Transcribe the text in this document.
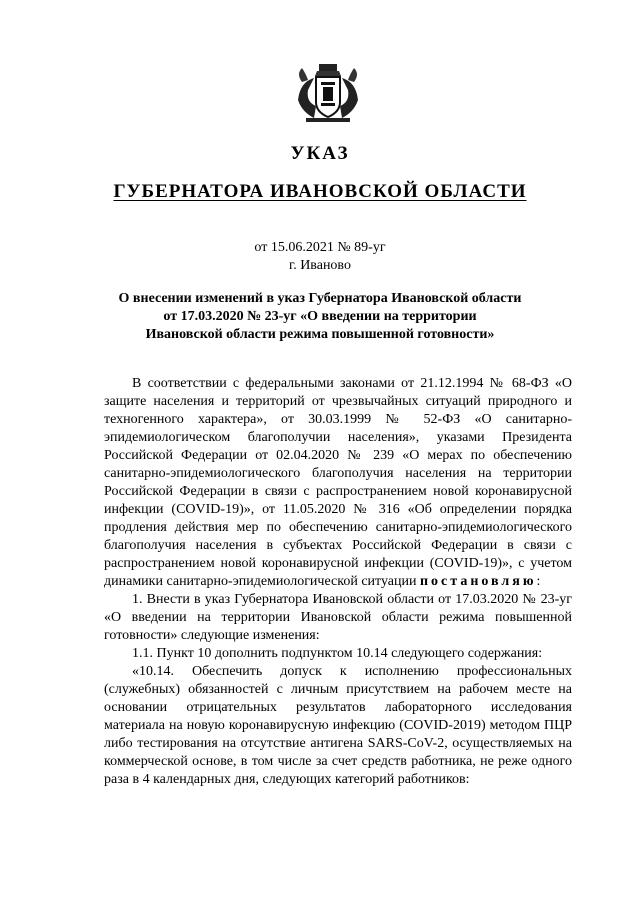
УКАЗ
ГУБЕРНАТОРА ИВАНОВСКОЙ ОБЛАСТИ
от 15.06.2021 № 89-уг
г. Иваново
О внесении изменений в указ Губернатора Ивановской области
от 17.03.2020 № 23-уг «О введении на территории
Ивановской области режима повышенной готовности»

В соответствии с федеральными законами от 21.12.1994 № 68-ФЗ «О защите населения и территорий от чрезвычайных ситуаций природного и техногенного характера», от 30.03.1999 № 52-ФЗ «О санитарно-эпидемиологическом благополучии населения», указами Президента Российской Федерации от 02.04.2020 № 239 «О мерах по обеспечению санитарно-эпидемиологического благополучия населения на территории Российской Федерации в связи с распространением новой коронавирусной инфекции (COVID-19)», от 11.05.2020 № 316 «Об определении порядка продления действия мер по обеспечению санитарно-эпидемиологического благополучия населения в субъектах Российской Федерации в связи с распространением новой коронавирусной инфекции (COVID-19)», с учетом динамики санитарно-эпидемиологической ситуации постановляю:

1. Внести в указ Губернатора Ивановской области от 17.03.2020 № 23-уг «О введении на территории Ивановской области режима повышенной готовности» следующие изменения:

1.1. Пункт 10 дополнить подпунктом 10.14 следующего содержания:

«10.14. Обеспечить допуск к исполнению профессиональных (служебных) обязанностей с личным присутствием на рабочем месте на основании отрицательных результатов лабораторного исследования материала на новую коронавирусную инфекцию (COVID-2019) методом ПЦР либо тестирования на отсутствие антигена SARS-CoV-2, осуществляемых на коммерческой основе, в том числе за счет средств работника, не реже одного раза в 4 календарных дня, следующих категорий работников:
